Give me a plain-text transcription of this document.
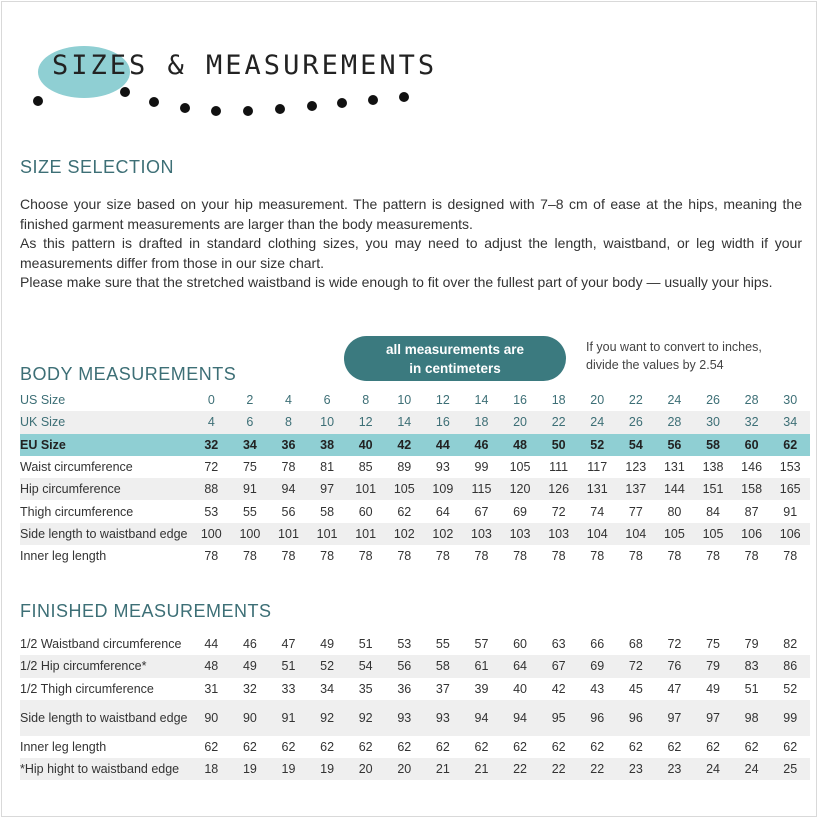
SIZES & MEASUREMENTS
SIZE SELECTION

Choose your size based on your hip measurement. The pattern is designed with 7–8 cm of ease at the hips, meaning the finished garment measurements are larger than the body measurements.

As this pattern is drafted in standard clothing sizes, you may need to adjust the length, waistband, or leg width if your measurements differ from those in our size chart.

Please make sure that the stretched waistband is wide enough to fit over the fullest part of your body — usually your hips.

all measurements are
in centimeters
If you want to convert to inches,
divide the values by 2.54
BODY MEASUREMENTS
US Size	0	2	4	6	8	10	12	14	16	18	20	22	24	26	28	30
UK Size	4	6	8	10	12	14	16	18	20	22	24	26	28	30	32	34
EU Size	32	34	36	38	40	42	44	46	48	50	52	54	56	58	60	62
Waist circumference	72	75	78	81	85	89	93	99	105	111	117	123	131	138	146	153
Hip circumference	88	91	94	97	101	105	109	115	120	126	131	137	144	151	158	165
Thigh circumference	53	55	56	58	60	62	64	67	69	72	74	77	80	84	87	91
Side length to waistband edge	100	100	101	101	101	102	102	103	103	103	104	104	105	105	106	106
Inner leg length	78	78	78	78	78	78	78	78	78	78	78	78	78	78	78	78
FINISHED MEASUREMENTS
1/2 Waistband circumference	44	46	47	49	51	53	55	57	60	63	66	68	72	75	79	82
1/2 Hip circumference*	48	49	51	52	54	56	58	61	64	67	69	72	76	79	83	86
1/2 Thigh circumference	31	32	33	34	35	36	37	39	40	42	43	45	47	49	51	52
Side length to waistband edge	90	90	91	92	92	93	93	94	94	95	96	96	97	97	98	99
Inner leg length	62	62	62	62	62	62	62	62	62	62	62	62	62	62	62	62
*Hip hight to waistband edge	18	19	19	19	20	20	21	21	22	22	22	23	23	24	24	25
